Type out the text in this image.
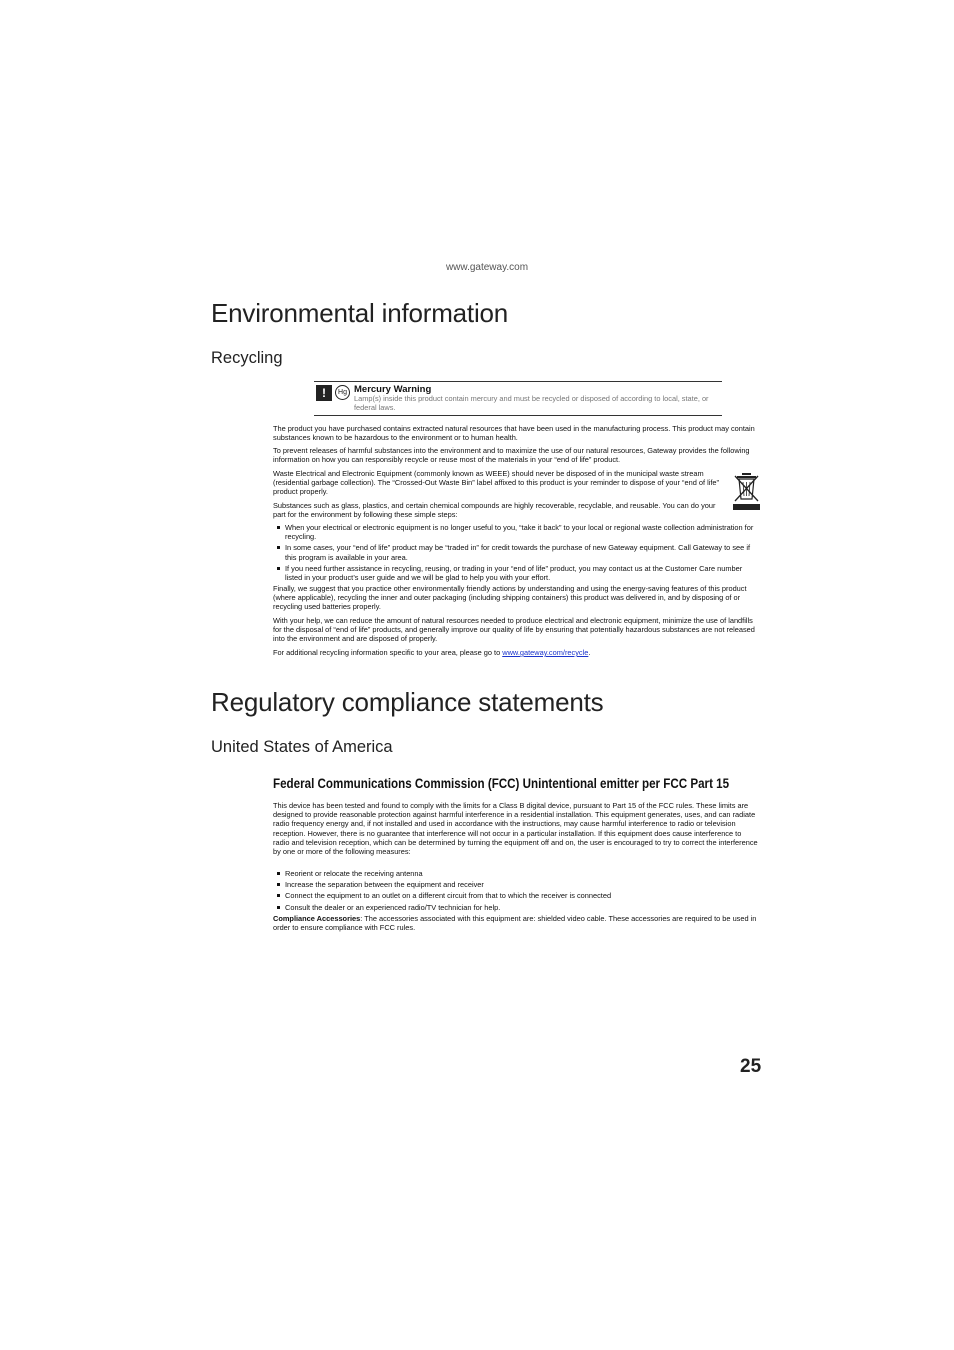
www.gateway.com
Environmental information
Recycling
!	Hg Mercury Warning
Lamp(s) inside this product contain mercury and must be recycled or disposed of according to local, state, or federal laws.

The product you have purchased contains extracted natural resources that have been used in the manufacturing process. This product may contain substances known to be hazardous to the environment or to human health.

To prevent releases of harmful substances into the environment and to maximize the use of our natural resources, Gateway provides the following information on how you can responsibly recycle or reuse most of the materials in your “end of life” product.

Waste Electrical and Electronic Equipment (commonly known as WEEE) should never be disposed of in the municipal waste stream (residential garbage collection). The “Crossed-Out Waste Bin” label affixed to this product is your reminder to dispose of your “end of life” product properly.

Substances such as glass, plastics, and certain chemical compounds are highly recoverable, recyclable, and reusable. You can do your part for the environment by following these simple steps:

When your electrical or electronic equipment is no longer useful to you, “take it back” to your local or regional waste collection administration for recycling.
In some cases, your “end of life” product may be “traded in” for credit towards the purchase of new Gateway equipment. Call Gateway to see if this program is available in your area.
If you need further assistance in recycling, reusing, or trading in your “end of life” product, you may contact us at the Customer Care number listed in your product’s user guide and we will be glad to help you with your effort.

Finally, we suggest that you practice other environmentally friendly actions by understanding and using the energy-saving features of this product (where applicable), recycling the inner and outer packaging (including shipping containers) this product was delivered in, and by disposing of or recycling used batteries properly.

With your help, we can reduce the amount of natural resources needed to produce electrical and electronic equipment, minimize the use of landfills for the disposal of “end of life” products, and generally improve our quality of life by ensuring that potentially hazardous substances are not released into the environment and are disposed of properly.

For additional recycling information specific to your area, please go to www.gateway.com/recycle.

Regulatory compliance statements
United States of America
Federal Communications Commission (FCC) Unintentional emitter per FCC Part 15

This device has been tested and found to comply with the limits for a Class B digital device, pursuant to Part 15 of the FCC rules. These limits are designed to provide reasonable protection against harmful interference in a residential installation. This equipment generates, uses, and can radiate radio frequency energy and, if not installed and used in accordance with the instructions, may cause harmful interference to radio or television reception. However, there is no guarantee that interference will not occur in a particular installation. If this equipment does cause interference to radio and television reception, which can be determined by turning the equipment off and on, the user is encouraged to try to correct the interference by one or more of the following measures:

Reorient or relocate the receiving antenna
Increase the separation between the equipment and receiver
Connect the equipment to an outlet on a different circuit from that to which the receiver is connected
Consult the dealer or an experienced radio/TV technician for help.

Compliance Accessories: The accessories associated with this equipment are: shielded video cable. These accessories are required to be used in order to ensure compliance with FCC rules.

25
